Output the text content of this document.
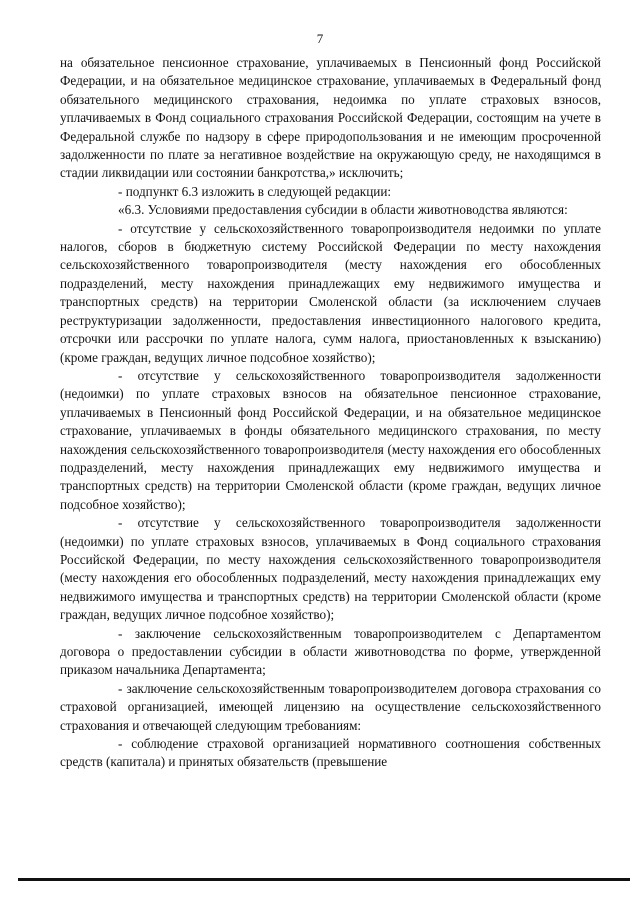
7

на обязательное пенсионное страхование, уплачиваемых в Пенсионный фонд Российской Федерации, и на обязательное медицинское страхование, уплачиваемых в Федеральный фонд обязательного медицинского страхования, недоимка по уплате страховых взносов, уплачиваемых в Фонд социального страхования Российской Федерации, состоящим на учете в Федеральной службе по надзору в сфере природопользования и не имеющим просроченной задолженности по плате за негативное воздействие на окружающую среду, не находящимся в стадии ликвидации или состоянии банкротства,» исключить;

- подпункт 6.3 изложить в следующей редакции:

«6.3. Условиями предоставления субсидии в области животноводства являются:

- отсутствие у сельскохозяйственного товаропроизводителя недоимки по уплате налогов, сборов в бюджетную систему Российской Федерации по месту нахождения сельскохозяйственного товаропроизводителя (месту нахождения его обособленных подразделений, месту нахождения принадлежащих ему недвижимого имущества и транспортных средств) на территории Смоленской области (за исключением случаев реструктуризации задолженности, предоставления инвестиционного налогового кредита, отсрочки или рассрочки по уплате налога, сумм налога, приостановленных к взысканию) (кроме граждан, ведущих личное подсобное хозяйство);

- отсутствие у сельскохозяйственного товаропроизводителя задолженности (недоимки) по уплате страховых взносов на обязательное пенсионное страхование, уплачиваемых в Пенсионный фонд Российской Федерации, и на обязательное медицинское страхование, уплачиваемых в фонды обязательного медицинского страхования, по месту нахождения сельскохозяйственного товаропроизводителя (месту нахождения его обособленных подразделений, месту нахождения принадлежащих ему недвижимого имущества и транспортных средств) на территории Смоленской области (кроме граждан, ведущих личное подсобное хозяйство);

- отсутствие у сельскохозяйственного товаропроизводителя задолженности (недоимки) по уплате страховых взносов, уплачиваемых в Фонд социального страхования Российской Федерации, по месту нахождения сельскохозяйственного товаропроизводителя (месту нахождения его обособленных подразделений, месту нахождения принадлежащих ему недвижимого имущества и транспортных средств) на территории Смоленской области (кроме граждан, ведущих личное подсобное хозяйство);

- заключение сельскохозяйственным товаропроизводителем с Департаментом договора о предоставлении субсидии в области животноводства по форме, утвержденной приказом начальника Департамента;

- заключение сельскохозяйственным товаропроизводителем договора страхования со страховой организацией, имеющей лицензию на осуществление сельскохозяйственного страхования и отвечающей следующим требованиям:

- соблюдение страховой организацией нормативного соотношения собственных средств (капитала) и принятых обязательств (превышение
